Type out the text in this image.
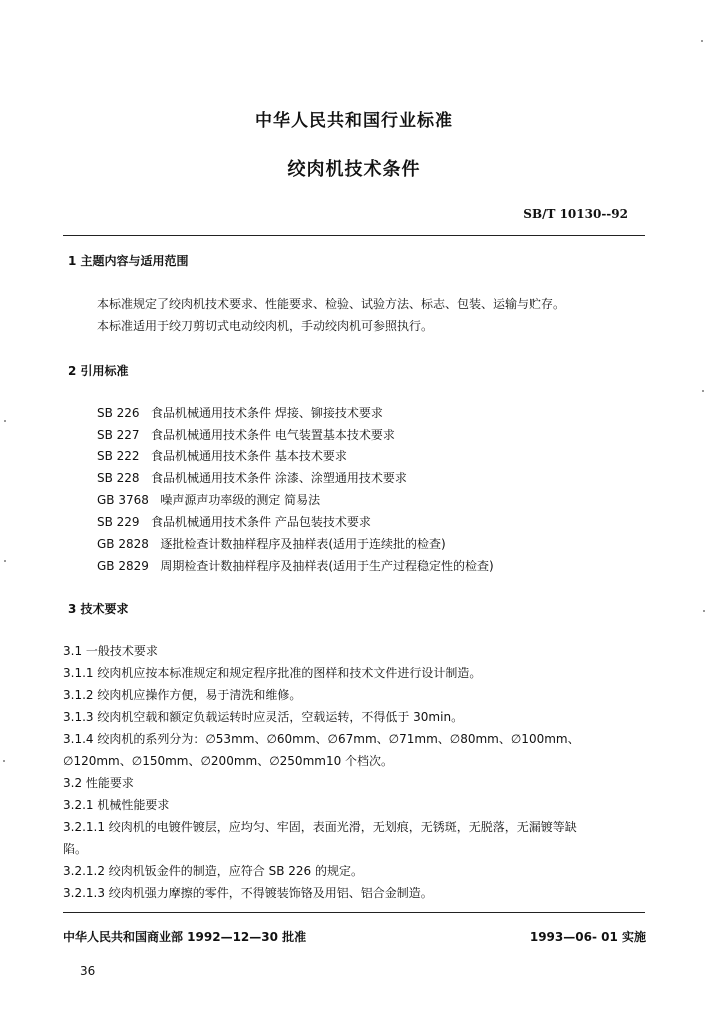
中华人民共和国行业标准
绞肉机技术条件
SB/T 10130--92
1 主题内容与适用范围
本标准规定了绞肉机技术要求、性能要求、检验、试验方法、标志、包装、运输与贮存。
本标准适用于绞刀剪切式电动绞肉机，手动绞肉机可参照执行。
2 引用标准
SB 226 食品机械通用技术条件 焊接、铆接技术要求
SB 227 食品机械通用技术条件 电气装置基本技术要求
SB 222 食品机械通用技术条件 基本技术要求
SB 228 食品机械通用技术条件 涂漆、涂塑通用技术要求
GB 3768 噪声源声功率级的测定 简易法
SB 229 食品机械通用技术条件 产品包装技术要求
GB 2828 逐批检查计数抽样程序及抽样表(适用于连续批的检查)
GB 2829 周期检查计数抽样程序及抽样表(适用于生产过程稳定性的检查)
3 技术要求
3.1 一般技术要求
3.1.1 绞肉机应按本标准规定和规定程序批准的图样和技术文件进行设计制造。
3.1.2 绞肉机应操作方便，易于清洗和维修。
3.1.3 绞肉机空载和额定负载运转时应灵活，空载运转，不得低于 30min。
3.1.4 绞肉机的系列分为：∅53mm、∅60mm、∅67mm、∅71mm、∅80mm、∅100mm、
∅120mm、∅150mm、∅200mm、∅250mm10 个档次。
3.2 性能要求
3.2.1 机械性能要求
3.2.1.1 绞肉机的电镀件镀层，应均匀、牢固，表面光滑，无划痕，无锈斑，无脱落，无漏镀等缺
陷。
3.2.1.2 绞肉机钣金件的制造，应符合 SB 226 的规定。
3.2.1.3 绞肉机强力摩擦的零件，不得镀装饰铬及用铝、铝合金制造。
中华人民共和国商业部 1992—12—30 批准	1993—06- 01 实施
36
